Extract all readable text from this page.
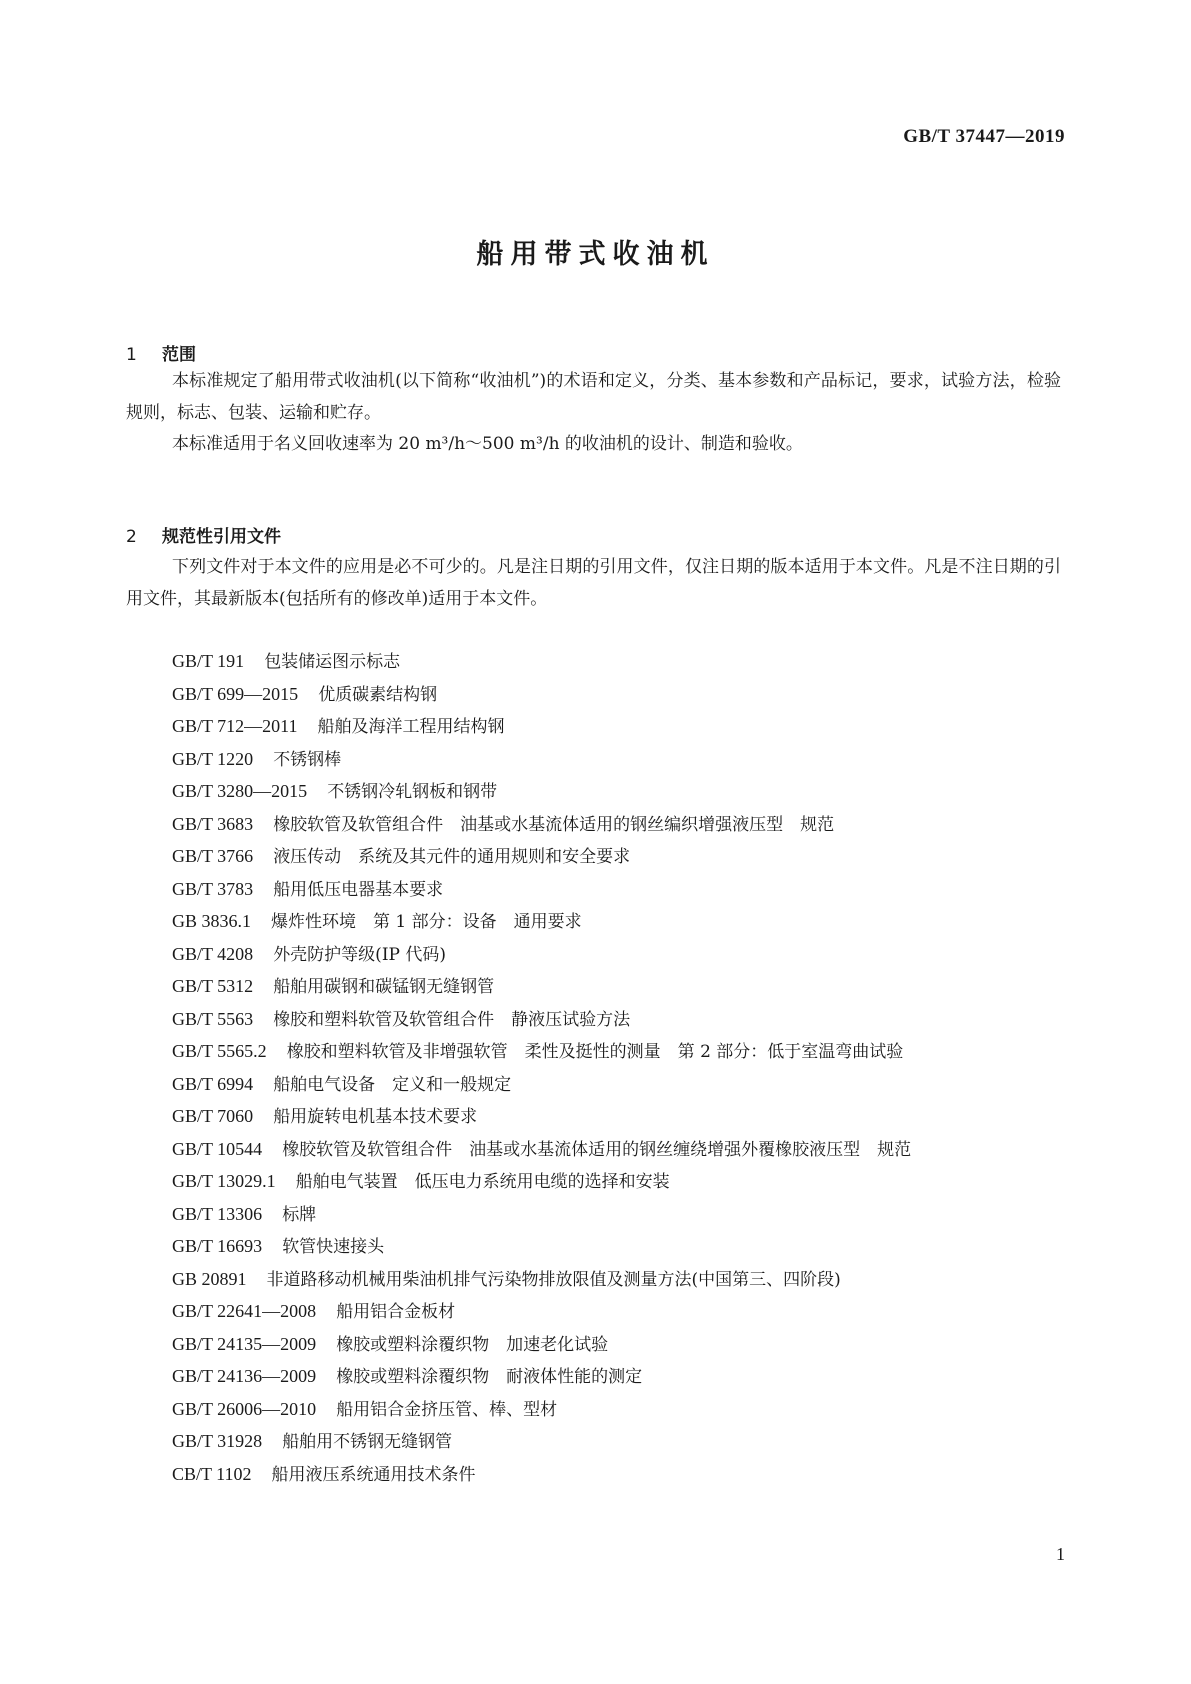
GB/T 37447—2019
船用带式收油机
1 范围

本标准规定了船用带式收油机(以下简称“收油机”)的术语和定义，分类、基本参数和产品标记，要求，试验方法，检验规则，标志、包装、运输和贮存。

本标准适用于名义回收速率为 20 m³/h～500 m³/h 的收油机的设计、制造和验收。

2 规范性引用文件

下列文件对于本文件的应用是必不可少的。凡是注日期的引用文件，仅注日期的版本适用于本文件。凡是不注日期的引用文件，其最新版本(包括所有的修改单)适用于本文件。

GB/T 191 包装储运图示标志

GB/T 699—2015 优质碳素结构钢

GB/T 712—2011 船舶及海洋工程用结构钢

GB/T 1220 不锈钢棒

GB/T 3280—2015 不锈钢冷轧钢板和钢带

GB/T 3683 橡胶软管及软管组合件　油基或水基流体适用的钢丝编织增强液压型　规范

GB/T 3766 液压传动　系统及其元件的通用规则和安全要求

GB/T 3783 船用低压电器基本要求

GB 3836.1 爆炸性环境　第 1 部分：设备　通用要求

GB/T 4208 外壳防护等级(IP 代码)

GB/T 5312 船舶用碳钢和碳锰钢无缝钢管

GB/T 5563 橡胶和塑料软管及软管组合件　静液压试验方法

GB/T 5565.2 橡胶和塑料软管及非增强软管　柔性及挺性的测量　第 2 部分：低于室温弯曲试验

GB/T 6994 船舶电气设备　定义和一般规定

GB/T 7060 船用旋转电机基本技术要求

GB/T 10544 橡胶软管及软管组合件　油基或水基流体适用的钢丝缠绕增强外覆橡胶液压型　规范

GB/T 13029.1 船舶电气装置　低压电力系统用电缆的选择和安装

GB/T 13306 标牌

GB/T 16693 软管快速接头

GB 20891 非道路移动机械用柴油机排气污染物排放限值及测量方法(中国第三、四阶段)

GB/T 22641—2008 船用铝合金板材

GB/T 24135—2009 橡胶或塑料涂覆织物　加速老化试验

GB/T 24136—2009 橡胶或塑料涂覆织物　耐液体性能的测定

GB/T 26006—2010 船用铝合金挤压管、棒、型材

GB/T 31928 船舶用不锈钢无缝钢管

CB/T 1102 船用液压系统通用技术条件

1
